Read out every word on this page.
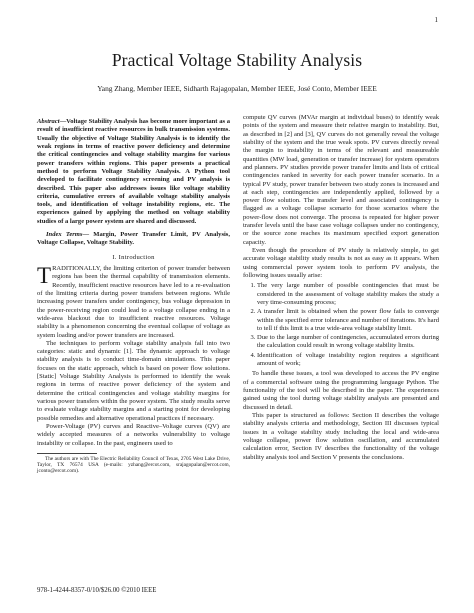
1
Practical Voltage Stability Analysis
Yang Zhang, Member IEEE, Sidharth Rajagopalan, Member IEEE, José Conto, Member IEEE

Abstract—Voltage Stability Analysis has become more important as a result of insufficient reactive resources in bulk transmission systems. Usually the objective of Voltage Stability Analysis is to identify the weak regions in terms of reactive power deficiency and determine the critical contingencies and voltage stability margins for various power transfers within regions. This paper presents a practical method to perform Voltage Stability Analysis. A Python tool developed to facilitate contingency screening and PV analysis is described. This paper also addresses issues like voltage stability criteria, cumulative errors of available voltage stability analysis tools, and identification of voltage instability regions, etc. The experiences gained by applying the method on voltage stability studies of a large power system are shared and discussed.

Index Terms— Margin, Power Transfer Limit, PV Analysis, Voltage Collapse, Voltage Stability.

I. Introduction

TRADITIONALLY, the limiting criterion of power transfer between regions has been the thermal capability of transmission elements. Recently, insufficient reactive resources have led to a re-evaluation of the limiting criteria during power transfers between regions. While increasing power transfers under contingency, bus voltage depression in the power-receiving region could lead to a voltage collapse ending in a wide-area blackout due to insufficient reactive resources. Voltage stability is a phenomenon concerning the eventual collapse of voltage as system loading and/or power transfers are increased.

The techniques to perform voltage stability analysis fall into two categories: static and dynamic [1]. The dynamic approach to voltage stability analysis is to conduct time-domain simulations. This paper focuses on the static approach, which is based on power flow solutions. [Static] Voltage Stability Analysis is performed to identify the weak regions in terms of reactive power deficiency of the system and determine the critical contingencies and voltage stability margins for various power transfers within the power system. The study results serve to evaluate voltage stability margins and a starting point for developing possible remedies and alternative operational practices if necessary.

Power-Voltage (PV) curves and Reactive–Voltage curves (QV) are widely accepted measures of a networks vulnerability to voltage instability or collapse. In the past, engineers used to

The authors are with The Electric Reliability Council of Texas, 2705 West Lake Drive, Taylor, TX 76574 USA (e-mails: yzhang@ercot.com, srajagopalan@ercot.com, jconto@ercot.com).

compute QV curves (MVAr margin at individual buses) to identify weak points of the system and measure their relative margin to instability. But, as described in [2] and [3], QV curves do not generally reveal the voltage stability of the system and the true weak spots. PV curves directly reveal the margin to instability in terms of the relevant and measureable quantities (MW load, generation or transfer increase) for system operators and planners. PV studies provide power transfer limits and lists of critical contingencies ranked in severity for each power transfer scenario. In a typical PV study, power transfer between two study zones is increased and at each step, contingencies are independently applied, followed by a power flow solution. The transfer level and associated contingency is flagged as a voltage collapse scenario for those scenarios where the power-flow does not converge. The process is repeated for higher power transfer levels until the base case voltage collapses under no contingency, or the source zone reaches its maximum specified export generation capacity.

Even though the procedure of PV study is relatively simple, to get accurate voltage stability study results is not as easy as it appears. When using commercial power system tools to perform PV analysis, the following issues usually arise:

1. The very large number of possible contingencies that must be considered in the assessment of voltage stability makes the study a very time-consuming process;
2. A transfer limit is obtained when the power flow fails to converge within the specified error tolerance and number of iterations. It's hard to tell if this limit is a true wide-area voltage stability limit.
3. Due to the large number of contingencies, accumulated errors during the calculation could result in wrong voltage stability limits.
4. Identification of voltage instability region requires a significant amount of work;

To handle these issues, a tool was developed to access the PV engine of a commercial software using the programming language Python. The functionality of the tool will be described in the paper. The experiences gained using the tool during voltage stability analysis are presented and discussed in detail.

This paper is structured as follows: Section II describes the voltage stability analysis criteria and methodology, Section III discusses typical issues in a voltage stability study including the local and wide-area voltage collapse, power flow solution oscillation, and accumulated calculation error, Section IV describes the functionality of the voltage stability analysis tool and Section V presents the conclusions.

978-1-4244-8357-0/10/$26.00 ©2010 IEEE
